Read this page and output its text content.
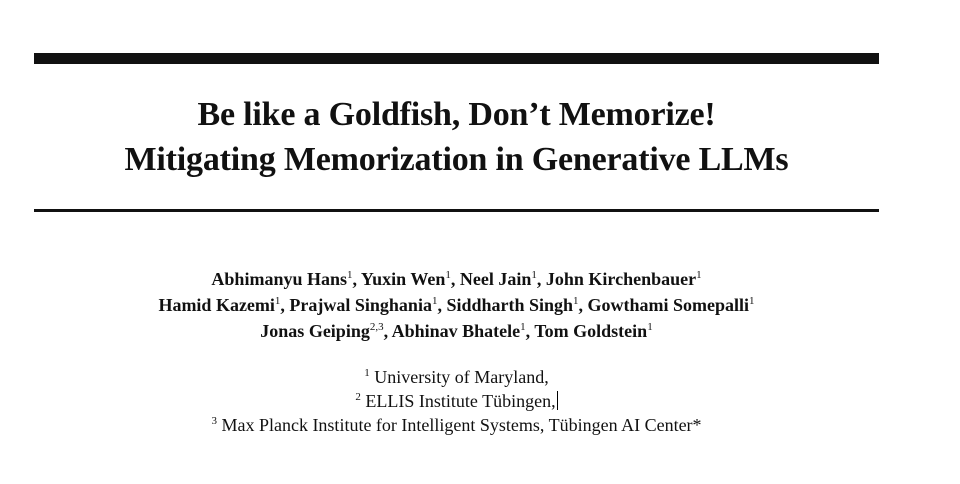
Be like a Goldfish, Don’t Memorize!
Mitigating Memorization in Generative LLMs
Abhimanyu Hans$^1$, Yuxin Wen$^1$, Neel Jain$^1$, John Kirchenbauer$^1$
Hamid Kazemi$^1$, Prajwal Singhania$^1$, Siddharth Singh$^1$, Gowthami Somepalli$^1$
Jonas Geiping$^{2,3}$, Abhinav Bhatele$^1$, Tom Goldstein$^1$
$^1$ University of Maryland,
$^2$ ELLIS Institute Tübingen,
$^3$ Max Planck Institute for Intelligent Systems, Tübingen AI Center*
